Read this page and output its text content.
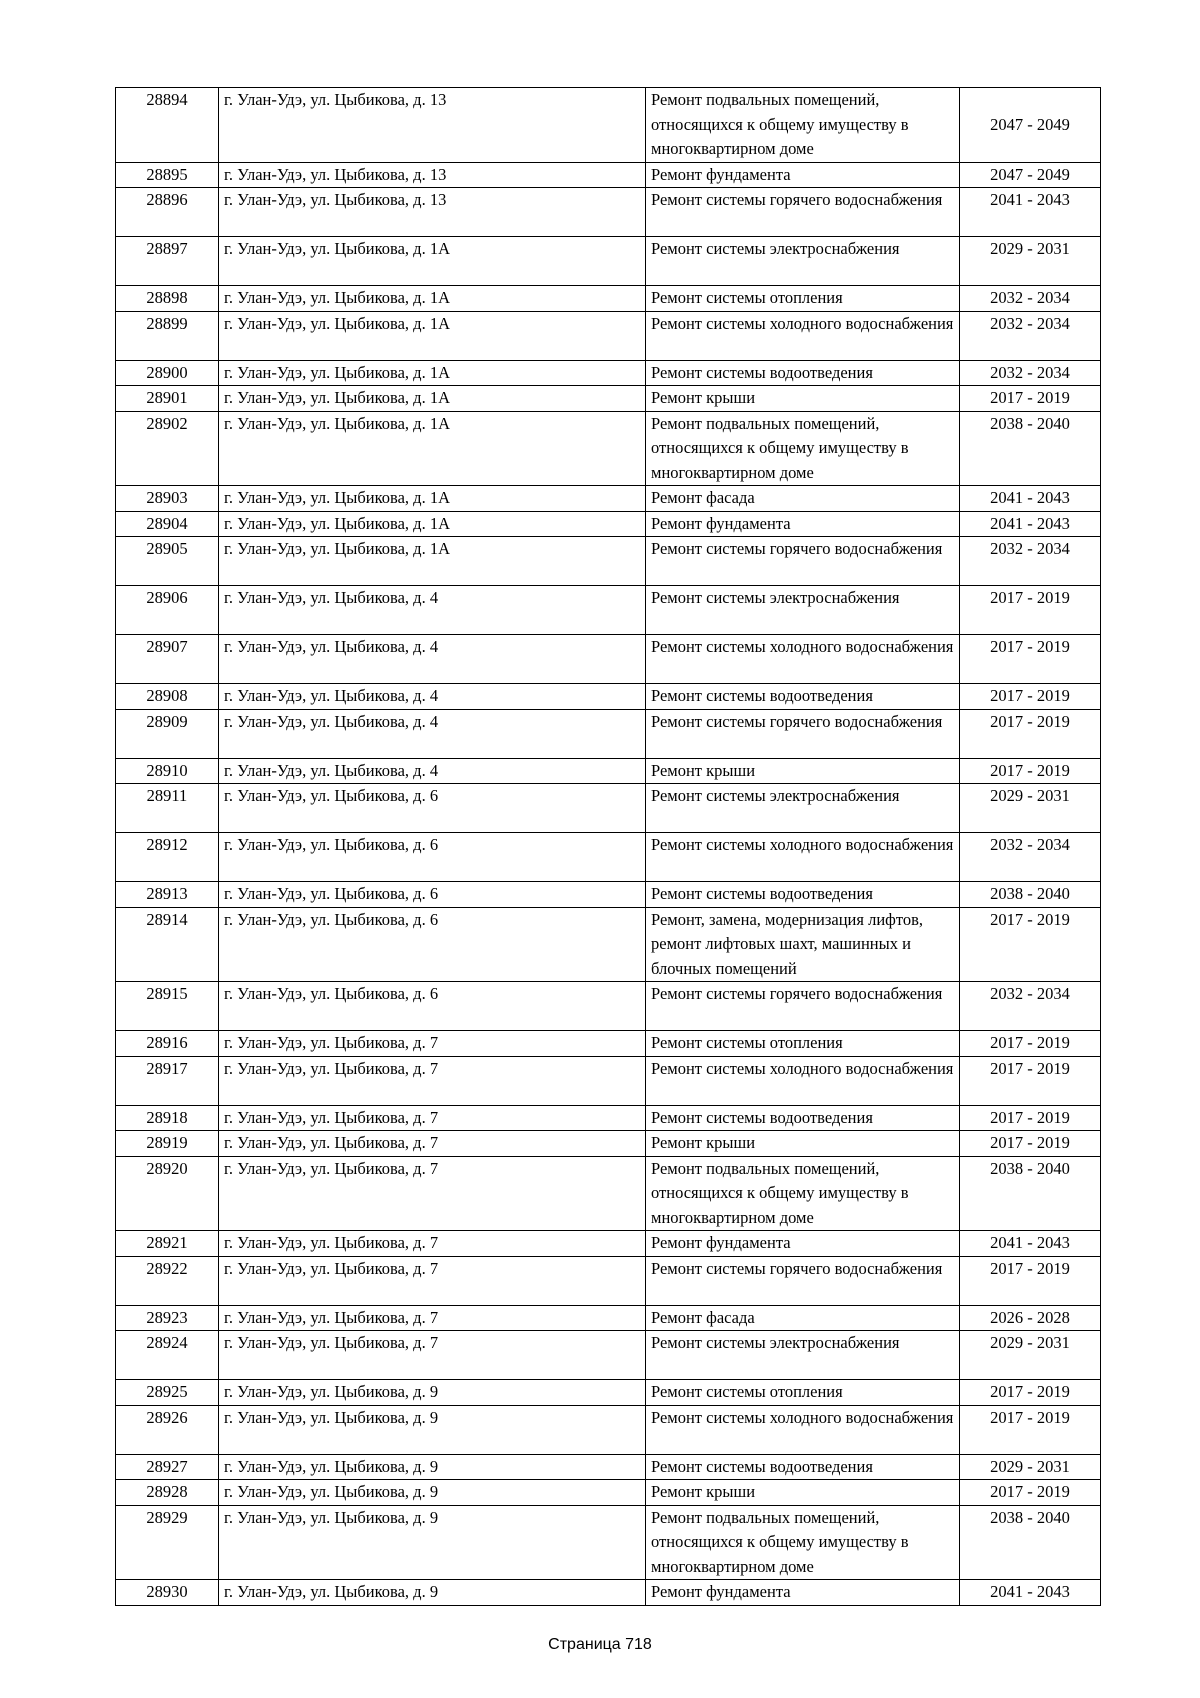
28894	г. Улан-Удэ, ул. Цыбикова, д. 13	Ремонт подвальных помещений, относящихся к общему имуществу в многоквартирном доме	2047 - 2049
28895	г. Улан-Удэ, ул. Цыбикова, д. 13	Ремонт фундамента	2047 - 2049
28896	г. Улан-Удэ, ул. Цыбикова, д. 13	Ремонт системы горячего водоснабжения	2041 - 2043
28897	г. Улан-Удэ, ул. Цыбикова, д. 1А	Ремонт системы электроснабжения	2029 - 2031
28898	г. Улан-Удэ, ул. Цыбикова, д. 1А	Ремонт системы отопления	2032 - 2034
28899	г. Улан-Удэ, ул. Цыбикова, д. 1А	Ремонт системы холодного водоснабжения	2032 - 2034
28900	г. Улан-Удэ, ул. Цыбикова, д. 1А	Ремонт системы водоотведения	2032 - 2034
28901	г. Улан-Удэ, ул. Цыбикова, д. 1А	Ремонт крыши	2017 - 2019
28902	г. Улан-Удэ, ул. Цыбикова, д. 1А	Ремонт подвальных помещений, относящихся к общему имуществу в многоквартирном доме	2038 - 2040
28903	г. Улан-Удэ, ул. Цыбикова, д. 1А	Ремонт фасада	2041 - 2043
28904	г. Улан-Удэ, ул. Цыбикова, д. 1А	Ремонт фундамента	2041 - 2043
28905	г. Улан-Удэ, ул. Цыбикова, д. 1А	Ремонт системы горячего водоснабжения	2032 - 2034
28906	г. Улан-Удэ, ул. Цыбикова, д. 4	Ремонт системы электроснабжения	2017 - 2019
28907	г. Улан-Удэ, ул. Цыбикова, д. 4	Ремонт системы холодного водоснабжения	2017 - 2019
28908	г. Улан-Удэ, ул. Цыбикова, д. 4	Ремонт системы водоотведения	2017 - 2019
28909	г. Улан-Удэ, ул. Цыбикова, д. 4	Ремонт системы горячего водоснабжения	2017 - 2019
28910	г. Улан-Удэ, ул. Цыбикова, д. 4	Ремонт крыши	2017 - 2019
28911	г. Улан-Удэ, ул. Цыбикова, д. 6	Ремонт системы электроснабжения	2029 - 2031
28912	г. Улан-Удэ, ул. Цыбикова, д. 6	Ремонт системы холодного водоснабжения	2032 - 2034
28913	г. Улан-Удэ, ул. Цыбикова, д. 6	Ремонт системы водоотведения	2038 - 2040
28914	г. Улан-Удэ, ул. Цыбикова, д. 6	Ремонт, замена, модернизация лифтов, ремонт лифтовых шахт, машинных и блочных помещений	2017 - 2019
28915	г. Улан-Удэ, ул. Цыбикова, д. 6	Ремонт системы горячего водоснабжения	2032 - 2034
28916	г. Улан-Удэ, ул. Цыбикова, д. 7	Ремонт системы отопления	2017 - 2019
28917	г. Улан-Удэ, ул. Цыбикова, д. 7	Ремонт системы холодного водоснабжения	2017 - 2019
28918	г. Улан-Удэ, ул. Цыбикова, д. 7	Ремонт системы водоотведения	2017 - 2019
28919	г. Улан-Удэ, ул. Цыбикова, д. 7	Ремонт крыши	2017 - 2019
28920	г. Улан-Удэ, ул. Цыбикова, д. 7	Ремонт подвальных помещений, относящихся к общему имуществу в многоквартирном доме	2038 - 2040
28921	г. Улан-Удэ, ул. Цыбикова, д. 7	Ремонт фундамента	2041 - 2043
28922	г. Улан-Удэ, ул. Цыбикова, д. 7	Ремонт системы горячего водоснабжения	2017 - 2019
28923	г. Улан-Удэ, ул. Цыбикова, д. 7	Ремонт фасада	2026 - 2028
28924	г. Улан-Удэ, ул. Цыбикова, д. 7	Ремонт системы электроснабжения	2029 - 2031
28925	г. Улан-Удэ, ул. Цыбикова, д. 9	Ремонт системы отопления	2017 - 2019
28926	г. Улан-Удэ, ул. Цыбикова, д. 9	Ремонт системы холодного водоснабжения	2017 - 2019
28927	г. Улан-Удэ, ул. Цыбикова, д. 9	Ремонт системы водоотведения	2029 - 2031
28928	г. Улан-Удэ, ул. Цыбикова, д. 9	Ремонт крыши	2017 - 2019
28929	г. Улан-Удэ, ул. Цыбикова, д. 9	Ремонт подвальных помещений, относящихся к общему имуществу в многоквартирном доме	2038 - 2040
28930	г. Улан-Удэ, ул. Цыбикова, д. 9	Ремонт фундамента	2041 - 2043
Страница 718
